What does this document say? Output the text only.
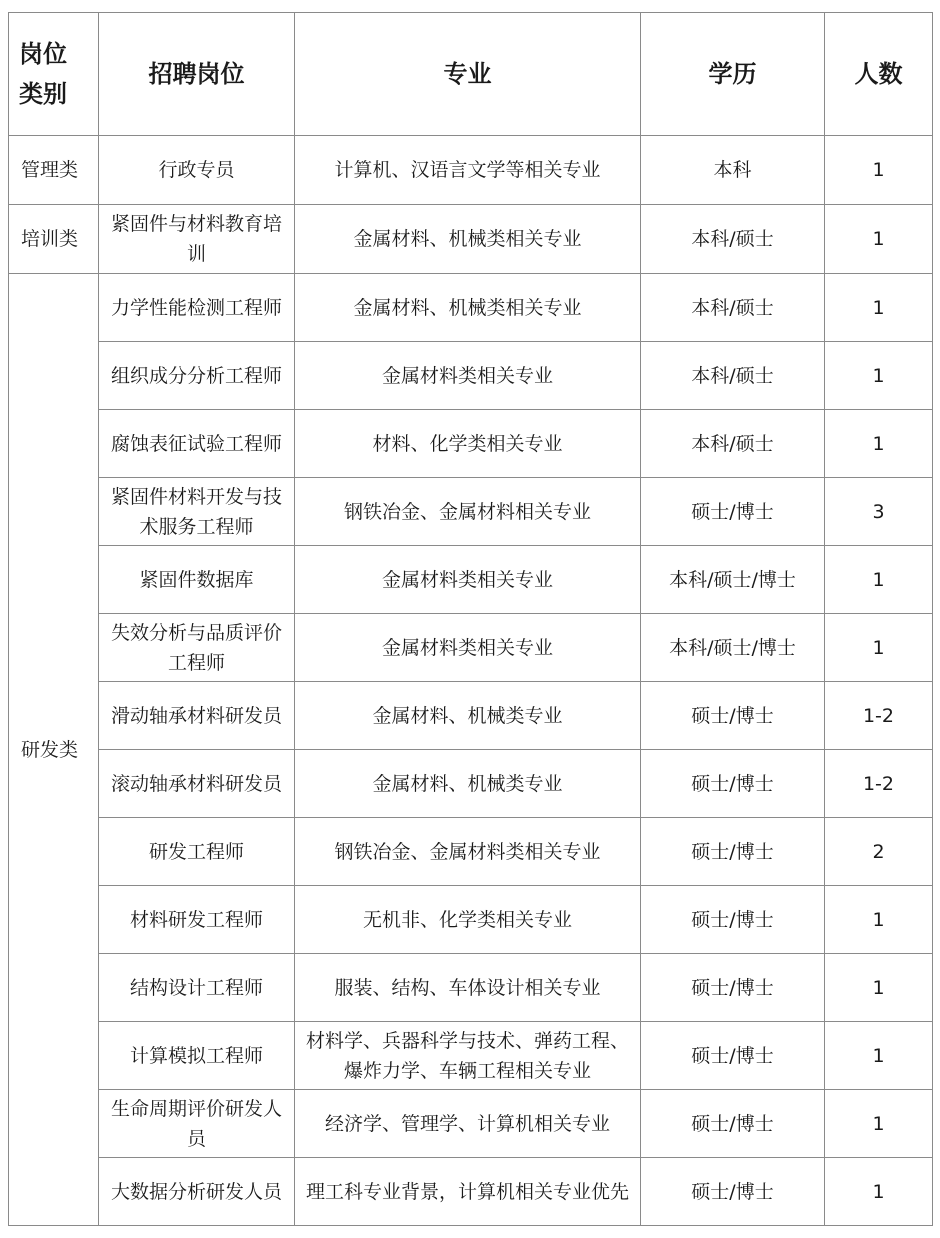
岗位类别	招聘岗位	专业	学历	人数
管理类	行政专员	计算机、汉语言文学等相关专业	本科	1
培训类	紧固件与材料教育培训	金属材料、机械类相关专业	本科/硕士	1
研发类	力学性能检测工程师	金属材料、机械类相关专业	本科/硕士	1
	组织成分分析工程师	金属材料类相关专业	本科/硕士	1
	腐蚀表征试验工程师	材料、化学类相关专业	本科/硕士	1
	紧固件材料开发与技术服务工程师	钢铁冶金、金属材料相关专业	硕士/博士	3
	紧固件数据库	金属材料类相关专业	本科/硕士/博士	1
	失效分析与品质评价工程师	金属材料类相关专业	本科/硕士/博士	1
	滑动轴承材料研发员	金属材料、机械类专业	硕士/博士	1-2
	滚动轴承材料研发员	金属材料、机械类专业	硕士/博士	1-2
	研发工程师	钢铁冶金、金属材料类相关专业	硕士/博士	2
	材料研发工程师	无机非、化学类相关专业	硕士/博士	1
	结构设计工程师	服装、结构、车体设计相关专业	硕士/博士	1
	计算模拟工程师	材料学、兵器科学与技术、弹药工程、爆炸力学、车辆工程相关专业	硕士/博士	1
	生命周期评价研发人员	经济学、管理学、计算机相关专业	硕士/博士	1
	大数据分析研发人员	理工科专业背景，计算机相关专业优先	硕士/博士	1
